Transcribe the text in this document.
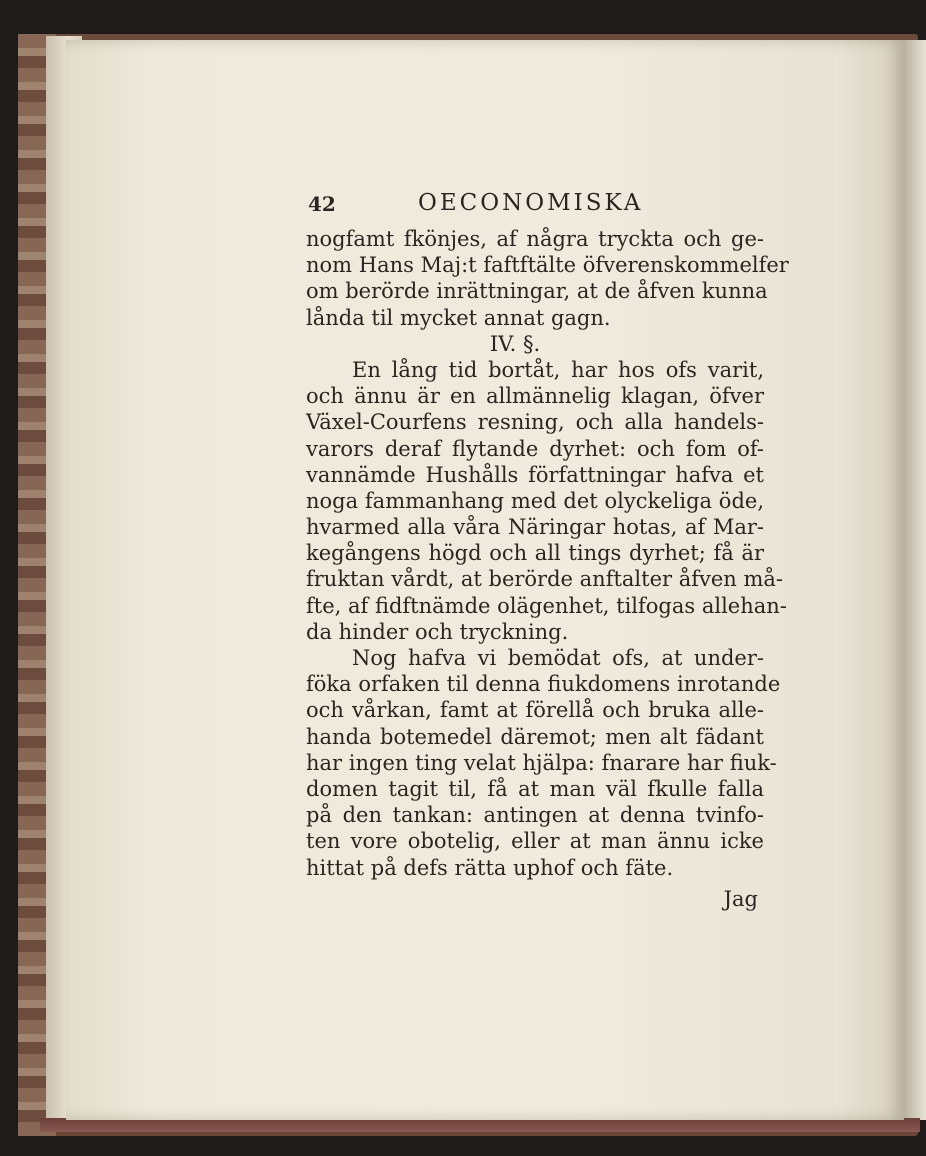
42	OECONOMISKA
nogfamt fkönjes, af några tryckta och ge-
nom Hans Maj:t faftftälte öfverenskommelfer
om berörde inrättningar, at de åfven kunna
lånda til mycket annat gagn.
IV. §.
En lång tid bortåt, har hos ofs varit,
och ännu är en allmännelig klagan, öfver
Växel-Courfens resning, och alla handels-
varors deraf flytande dyrhet: och fom of-
vannämde Hushålls författningar hafva et
noga fammanhang med det olyckeliga öde,
hvarmed alla våra Näringar hotas, af Mar-
kegångens högd och all tings dyrhet; få är
fruktan vårdt, at berörde anftalter åfven må-
fte, af fidftnämde olägenhet, tilfogas allehan-
da hinder och tryckning.
Nog hafva vi bemödat ofs, at under-
föka orfaken til denna fiukdomens inrotande
och vårkan, famt at förellå och bruka alle-
handa botemedel däremot; men alt fädant
har ingen ting velat hjälpa: fnarare har fiuk-
domen tagit til, få at man väl fkulle falla
på den tankan: antingen at denna tvinfo-
ten vore obotelig, eller at man ännu icke
hittat på defs rätta uphof och fäte.
Jag
